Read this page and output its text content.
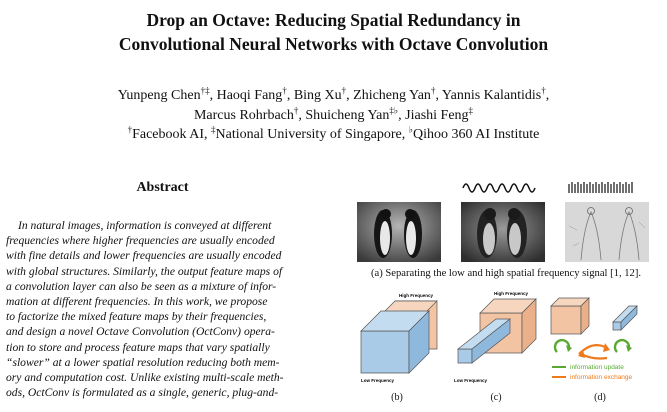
Drop an Octave: Reducing Spatial Redundancy in
Convolutional Neural Networks with Octave Convolution
Yunpeng Chen†‡, Haoqi Fang†, Bing Xu†, Zhicheng Yan†, Yannis Kalantidis†,
Marcus Rohrbach†, Shuicheng Yan‡♭, Jiashi Feng‡
†Facebook AI, ‡National University of Singapore, ♭Qihoo 360 AI Institute
Abstract
In natural images, information is conveyed at different
frequencies where higher frequencies are usually encoded
with fine details and lower frequencies are usually encoded
with global structures. Similarly, the output feature maps of
a convolution layer can also be seen as a mixture of infor-
mation at different frequencies. In this work, we propose
to factorize the mixed feature maps by their frequencies,
and design a novel Octave Convolution (OctConv) opera-
tion to store and process feature maps that vary spatially
“slower” at a lower spatial resolution reducing both mem-
ory and computation cost. Unlike existing multi-scale meth-
ods, OctConv is formulated as a single, generic, plug-and-
(a) Separating the low and high spatial frequency signal [1, 12].
High Frequency
Low Frequency
(b)
High Frequency
Low Frequency
(c)
information update
information exchange
(d)
